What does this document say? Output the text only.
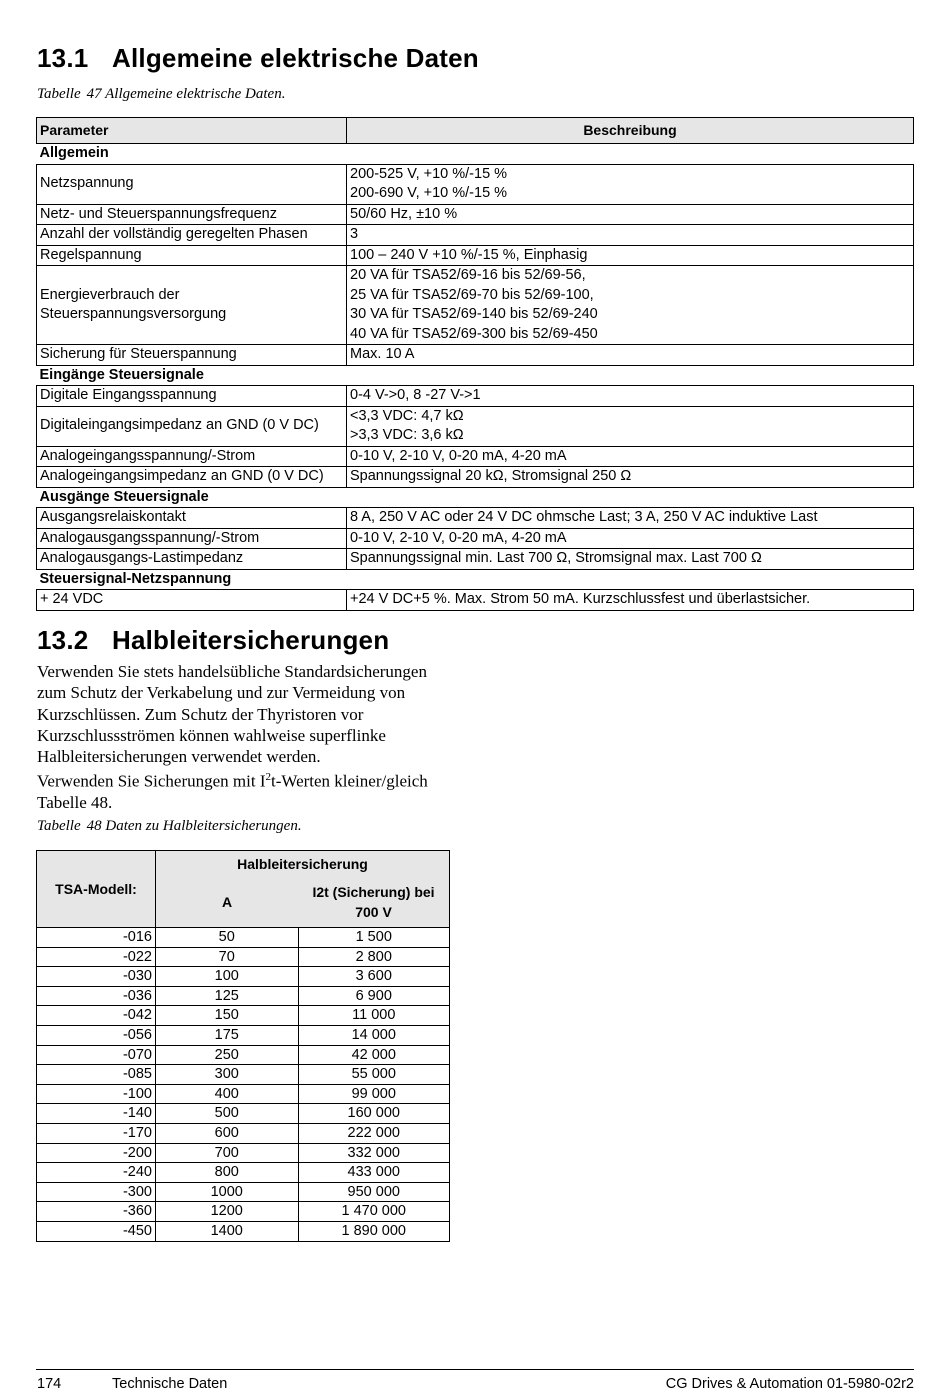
13.1 Allgemeine elektrische Daten

Tabelle 47 Allgemeine elektrische Daten.

Parameter	Beschreibung
Allgemein	
Netzspannung	200-525 V, +10 %/-15 %
200-690 V, +10 %/-15 %

Netz- und Steuerspannungsfrequenz	50/60 Hz, ±10 %

Anzahl der vollständig geregelten Phasen	3

Regelspannung	100 – 240 V +10 %/-15 %, Einphasig

Energieverbrauch der Steuerspannungsversorgung	20 VA für TSA52/69-16 bis 52/69-56,
25 VA für TSA52/69-70 bis 52/69-100,
30 VA für TSA52/69-140 bis 52/69-240
40 VA für TSA52/69-300 bis 52/69-450

Sicherung für Steuerspannung	Max. 10 A

Eingänge Steuersignale	
Digitale Eingangsspannung	0-4 V->0, 8 -27 V->1

Digitaleingangsimpedanz an GND (0 V DC)	<3,3 VDC: 4,7 kΩ
>3,3 VDC: 3,6 kΩ

Analogeingangsspannung/-Strom	0-10 V, 2-10 V, 0-20 mA, 4-20 mA

Analogeingangsimpedanz an GND (0 V DC)	Spannungssignal 20 kΩ, Stromsignal 250 Ω

Ausgänge Steuersignale	
Ausgangsrelaiskontakt	8 A, 250 V AC oder 24 V DC ohmsche Last; 3 A, 250 V AC induktive Last

Analogausgangsspannung/-Strom	0-10 V, 2-10 V, 0-20 mA, 4-20 mA

Analogausgangs-Lastimpedanz	Spannungssignal min. Last 700 Ω, Stromsignal max. Last 700 Ω

Steuersignal-Netzspannung	
+ 24 VDC	+24 V DC+5 %. Max. Strom 50 mA. Kurzschlussfest und überlastsicher.
13.2 Halbleitersicherungen

Verwenden Sie stets handelsübliche Standardsicherungen zum Schutz der Verkabelung und zur Vermeidung von Kurzschlüssen. Zum Schutz der Thyristoren vor Kurzschlussströmen können wahlweise superflinke Halbleitersicherungen verwendet werden.
Verwenden Sie Sicherungen mit $I^2t$-Werten kleiner/gleich Tabelle 48.

Tabelle 48 Daten zu Halbleitersicherungen.

TSA-Modell:	Halbleitersicherung	
	A	I2t (Sicherung) bei 700 V
-016	50	1 500
-022	70	2 800
-030	100	3 600
-036	125	6 900
-042	150	11 000
-056	175	14 000
-070	250	42 000
-085	300	55 000
-100	400	99 000
-140	500	160 000
-170	600	222 000
-200	700	332 000
-240	800	433 000
-300	1000	950 000
-360	1200	1 470 000
-450	1400	1 890 000
174	Technische Daten	CG Drives & Automation 01-5980-02r2
